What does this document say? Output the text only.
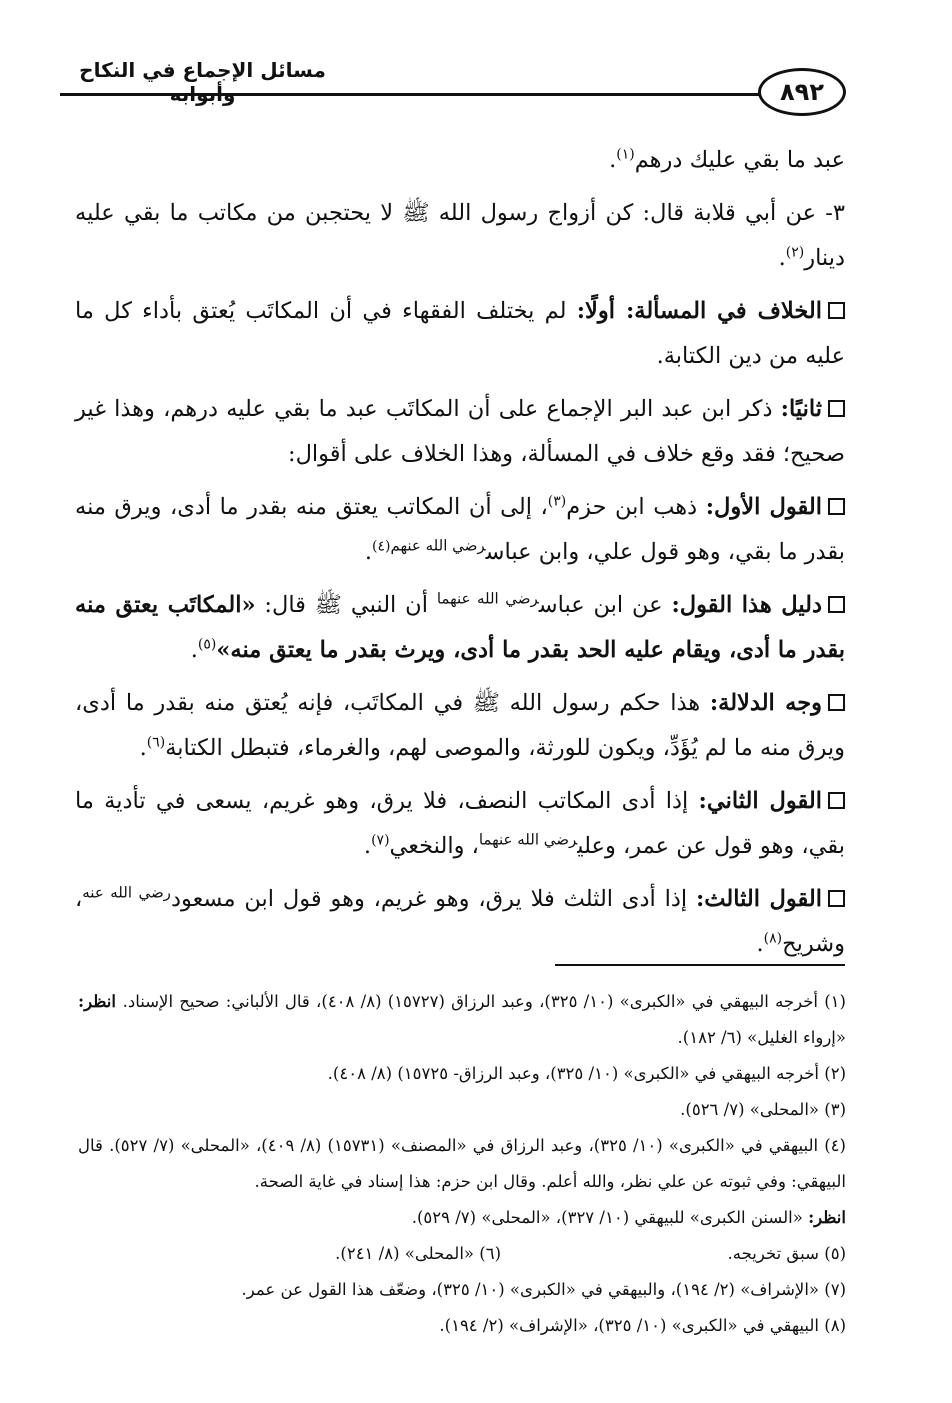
مسائل الإجماع في النكاح وأبوابه	٨٩٢

عبد ما بقي عليك درهم$^{(١)}$.

٣- عن أبي قلابة قال: كن أزواج رسول الله ﷺ لا يحتجبن من مكاتب ما بقي عليه دينار$^{(٢)}$.

الخلاف في المسألة: أولًا: لم يختلف الفقهاء في أن المكاتَب يُعتق بأداء كل ما عليه من دين الكتابة.

ثانيًا: ذكر ابن عبد البر الإجماع على أن المكاتَب عبد ما بقي عليه درهم، وهذا غير صحيح؛ فقد وقع خلاف في المسألة، وهذا الخلاف على أقوال:

القول الأول: ذهب ابن حزم$^{(٣)}$، إلى أن المكاتب يعتق منه بقدر ما أدى، ويرق منه بقدر ما بقي، وهو قول علي، وابن عباس$^{رضي الله عنهم(٤)}$.

دليل هذا القول: عن ابن عباس$^{رضي الله عنهما}$ أن النبي ﷺ قال: «المكاتَب يعتق منه بقدر ما أدى، ويقام عليه الحد بقدر ما أدى، ويرث بقدر ما يعتق منه»$^{(٥)}$.

وجه الدلالة: هذا حكم رسول الله ﷺ في المكاتَب، فإنه يُعتق منه بقدر ما أدى، ويرق منه ما لم يُؤَدِّ، ويكون للورثة، والموصى لهم، والغرماء، فتبطل الكتابة$^{(٦)}$.

القول الثاني: إذا أدى المكاتب النصف، فلا يرق، وهو غريم، يسعى في تأدية ما بقي، وهو قول عن عمر، وعلي$^{رضي الله عنهما}$، والنخعي$^{(٧)}$.

القول الثالث: إذا أدى الثلث فلا يرق، وهو غريم، وهو قول ابن مسعود$^{رضي الله عنه}$، وشريح$^{(٨)}$.

(١) أخرجه البيهقي في «الكبرى» (١٠/ ٣٢٥)، وعبد الرزاق (١٥٧٢٧) (٨/ ٤٠٨)، قال الألباني: صحيح الإسناد. انظر: «إرواء الغليل» (٦/ ١٨٢).

(٢) أخرجه البيهقي في «الكبرى» (١٠/ ٣٢٥)، وعبد الرزاق- ١٥٧٢٥) (٨/ ٤٠٨).

(٣) «المحلى» (٧/ ٥٢٦).

(٤) البيهقي في «الكبرى» (١٠/ ٣٢٥)، وعبد الرزاق في «المصنف» (١٥٧٣١) (٨/ ٤٠٩)، «المحلى» (٧/ ٥٢٧). قال البيهقي: وفي ثبوته عن علي نظر، والله أعلم. وقال ابن حزم: هذا إسناد في غاية الصحة.
انظر: «السنن الكبرى» للبيهقي (١٠/ ٣٢٧)، «المحلى» (٧/ ٥٢٩).

(٥) سبق تخريجه.
(٦) «المحلى» (٨/ ٢٤١).

(٧) «الإشراف» (٢/ ١٩٤)، والبيهقي في «الكبرى» (١٠/ ٣٢٥)، وضعّف هذا القول عن عمر.

(٨) البيهقي في «الكبرى» (١٠/ ٣٢٥)، «الإشراف» (٢/ ١٩٤).
